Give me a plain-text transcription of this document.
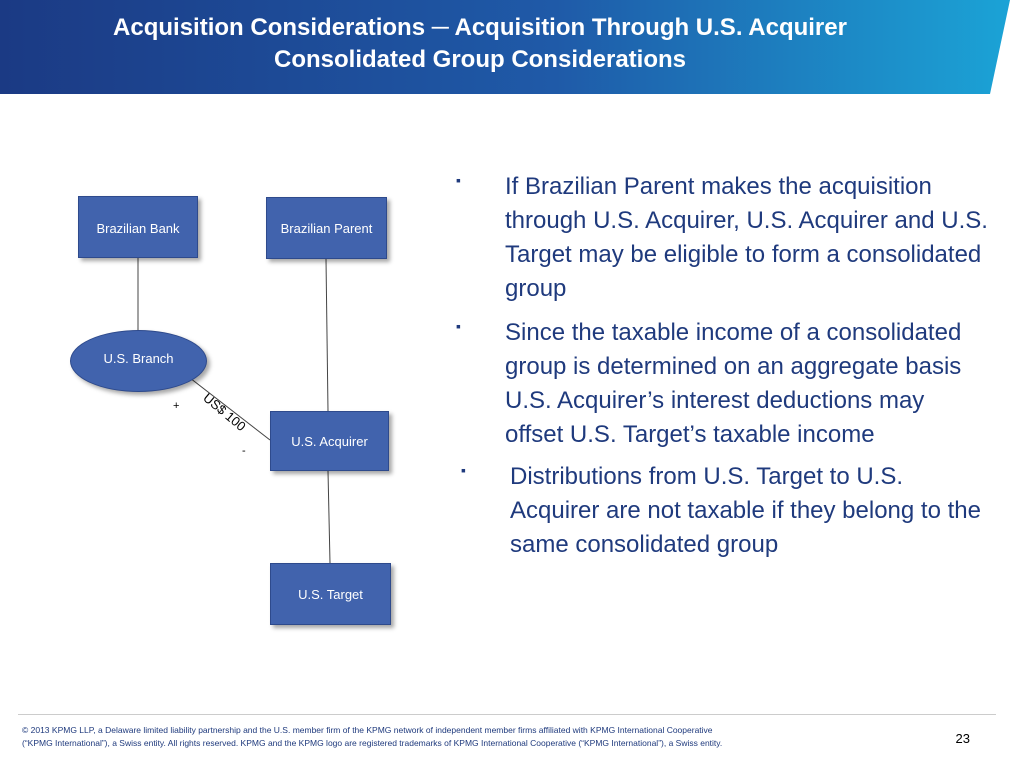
Acquisition Considerations ─ Acquisition Through U.S. Acquirer
Consolidated Group Considerations
Brazilian Bank	Brazilian Parent
U.S. Branch
U.S. Acquirer
U.S. Target
US$ 100
+
-
▪ If Brazilian Parent makes the acquisition through U.S. Acquirer, U.S. Acquirer and U.S. Target may be eligible to form a consolidated group
▪ Since the taxable income of a consolidated group is determined on an aggregate basis U.S. Acquirer’s interest deductions may offset U.S. Target’s taxable income
▪ Distributions from U.S. Target to U.S. Acquirer are not taxable if they belong to the same consolidated group
© 2013 KPMG LLP, a Delaware limited liability partnership and the U.S. member firm of the KPMG network of independent member firms affiliated with KPMG International Cooperative
(“KPMG International”), a Swiss entity. All rights reserved. KPMG and the KPMG logo are registered trademarks of KPMG International Cooperative (“KPMG International”), a Swiss entity.	23
